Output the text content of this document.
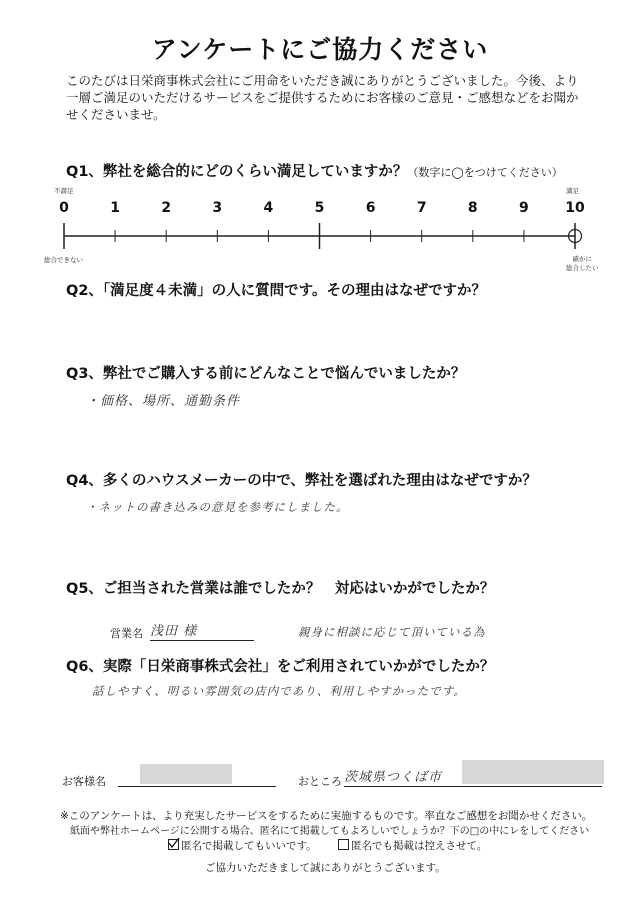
アンケートにご協力ください
このたびは日栄商事株式会社にご用命をいただき誠にありがとうございました。今後、より一層ご満足のいただけるサービスをご提供するためにお客様のご意見・ご感想などをお聞かせくださいませ。
Q1、弊社を総合的にどのくらい満足していますか？（数字に◯をつけてください）
不満足	満足
0	1	2	3	4	5	6	7	8	9	10
総合できない	確かに
総合したい
Q2、「満足度４未満」の人に質問です。その理由はなぜですか？
Q3、弊社でご購入する前にどんなことで悩んでいましたか？
・価格、場所、通勤条件
Q4、多くのハウスメーカーの中で、弊社を選ばれた理由はなぜですか？
・ネットの書き込みの意見を参考にしました。
Q5、ご担当された営業は誰でしたか？　対応はいかがでしたか？
営業名 浅田 様	親身に相談に応じて頂いている為
Q6、実際「日栄商事株式会社」をご利用されていかがでしたか？
話しやすく、明るい雰囲気の店内であり、利用しやすかったです。
お客様名	おところ 茨城県つくば市
※このアンケートは、より充実したサービスをするために実施するものです。率直なご感想をお聞かせください。
紙面や弊社ホームページに公開する場合、匿名にて掲載してもよろしいでしょうか？下の□の中にレをしてください
匿名で掲載してもいいです。	匿名でも掲載は控えさせて。
ご協力いただきまして誠にありがとうございます。
